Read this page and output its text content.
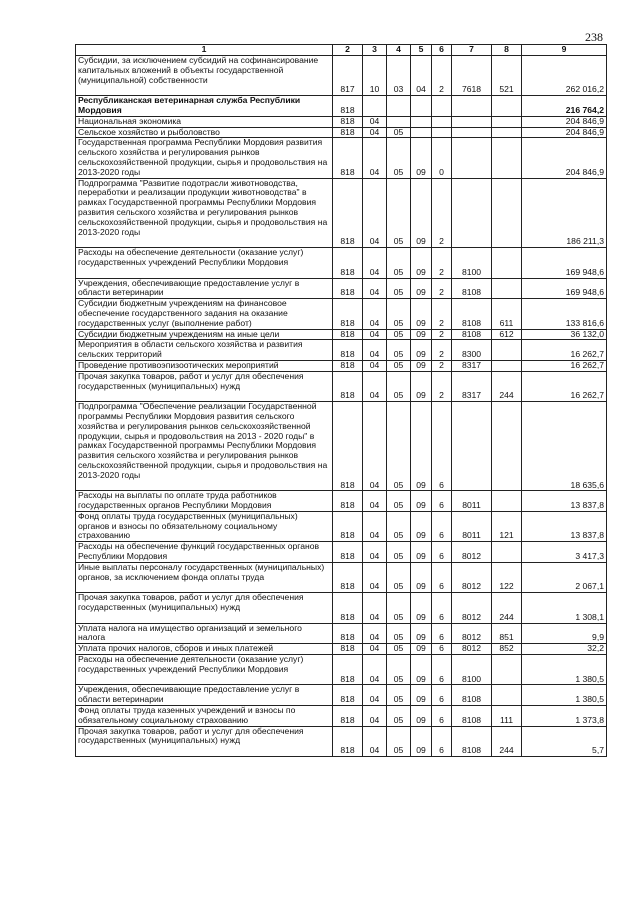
238
1	2	3	4	5	6	7	8	9
Субсидии, за исключением субсидий на софинансирование капитальных вложений в объекты государственной (муниципальной) собственности	817	10	03	04	2	7618	521	262 016,2
Республиканская ветеринарная служба Республики Мордовия	818							216 764,2
Национальная экономика	818	04						204 846,9
Сельское хозяйство и рыболовство	818	04	05					204 846,9
Государственная программа Республики Мордовия развития сельского хозяйства и регулирования рынков сельскохозяйственной продукции, сырья и продовольствия на 2013-2020 годы	818	04	05	09	0			204 846,9
Подпрограмма "Развитие подотрасли животноводства, переработки и реализации продукции животноводства" в рамках Государственной программы Республики Мордовия развития сельского хозяйства и регулирования рынков сельскохозяйственной продукции, сырья и продовольствия на 2013-2020 годы	818	04	05	09	2			186 211,3
Расходы на обеспечение деятельности (оказание услуг) государственных учреждений Республики Мордовия	818	04	05	09	2	8100		169 948,6
Учреждения, обеспечивающие предоставление услуг в области ветеринарии	818	04	05	09	2	8108		169 948,6
Субсидии бюджетным учреждениям на финансовое обеспечение государственного задания на оказание государственных услуг (выполнение работ)	818	04	05	09	2	8108	611	133 816,6
Субсидии бюджетным учреждениям на иные цели	818	04	05	09	2	8108	612	36 132,0
Мероприятия в области сельского хозяйства и развития сельских территорий	818	04	05	09	2	8300		16 262,7
Проведение противоэпизоотических мероприятий	818	04	05	09	2	8317		16 262,7
Прочая закупка товаров, работ и услуг для обеспечения государственных (муниципальных) нужд	818	04	05	09	2	8317	244	16 262,7
Подпрограмма "Обеспечение реализации Государственной программы Республики Мордовия развития сельского хозяйства и регулирования рынков сельскохозяйственной продукции, сырья и продовольствия на 2013 - 2020 годы" в рамках Государственной программы Республики Мордовия развития сельского хозяйства и регулирования рынков сельскохозяйственной продукции, сырья и продовольствия на 2013-2020 годы	818	04	05	09	6			18 635,6
Расходы на выплаты по оплате труда работников государственных органов Республики Мордовия	818	04	05	09	6	8011		13 837,8
Фонд оплаты труда государственных (муниципальных) органов и взносы по обязательному социальному страхованию	818	04	05	09	6	8011	121	13 837,8
Расходы на обеспечение функций государственных органов Республики Мордовия	818	04	05	09	6	8012		3 417,3
Иные выплаты персоналу государственных (муниципальных) органов, за исключением фонда оплаты труда	818	04	05	09	6	8012	122	2 067,1
Прочая закупка товаров, работ и услуг для обеспечения государственных (муниципальных) нужд	818	04	05	09	6	8012	244	1 308,1
Уплата налога на имущество организаций и земельного налога	818	04	05	09	6	8012	851	9,9
Уплата прочих налогов, сборов и иных платежей	818	04	05	09	6	8012	852	32,2
Расходы на обеспечение деятельности (оказание услуг) государственных учреждений Республики Мордовия	818	04	05	09	6	8100		1 380,5
Учреждения, обеспечивающие предоставление услуг в области ветеринарии	818	04	05	09	6	8108		1 380,5
Фонд оплаты труда казенных учреждений и взносы по обязательному социальному страхованию	818	04	05	09	6	8108	111	1 373,8
Прочая закупка товаров, работ и услуг для обеспечения государственных (муниципальных) нужд	818	04	05	09	6	8108	244	5,7
